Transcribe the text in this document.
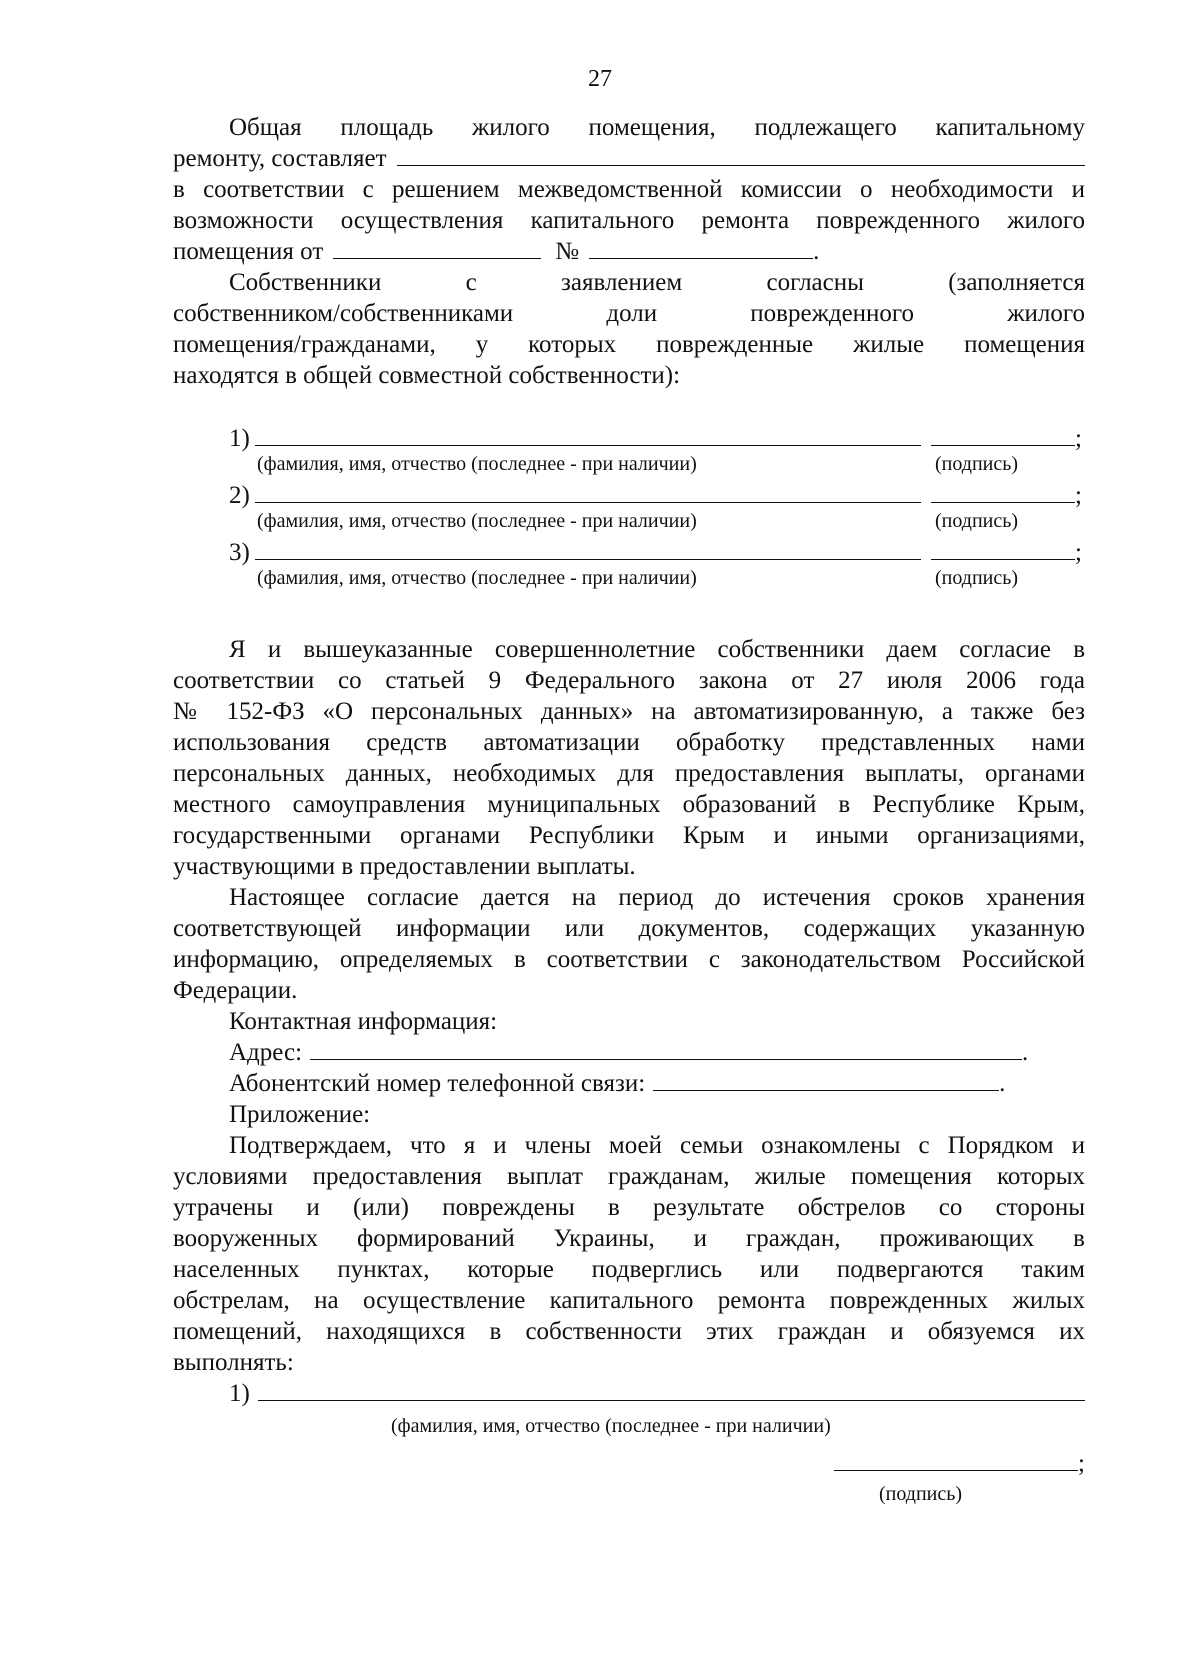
27

Общая площадь жилого помещения, подлежащего капитальному

ремонту, составляет

в соответствии с решением межведомственной комиссии о необходимости и

возможности осуществления капитального ремонта поврежденного жилого

помещения от	№	.

Собственники с заявлением согласны (заполняется

собственником/собственниками доли поврежденного жилого

помещения/гражданами, у которых поврежденные жилые помещения

находятся в общей совместной собственности):

1)	;
(фамилия, имя, отчество (последнее - при наличии)	(подпись)
2)	;
(фамилия, имя, отчество (последнее - при наличии)	(подпись)
3)	;
(фамилия, имя, отчество (последнее - при наличии)	(подпись)

Я и вышеуказанные совершеннолетние собственники даем согласие в

соответствии со статьей 9 Федерального закона от 27 июля 2006 года

№ 152-ФЗ «О персональных данных» на автоматизированную, а также без

использования средств автоматизации обработку представленных нами

персональных данных, необходимых для предоставления выплаты, органами

местного самоуправления муниципальных образований в Республике Крым,

государственными органами Республики Крым и иными организациями,

участвующими в предоставлении выплаты.

Настоящее согласие дается на период до истечения сроков хранения

соответствующей информации или документов, содержащих указанную

информацию, определяемых в соответствии с законодательством Российской

Федерации.

Контактная информация:

Адрес:	.
Абонентский номер телефонной связи:	.

Приложение:

Подтверждаем, что я и члены моей семьи ознакомлены с Порядком и

условиями предоставления выплат гражданам, жилые помещения которых

утрачены и (или) повреждены в результате обстрелов со стороны

вооруженных формирований Украины, и граждан, проживающих в

населенных пунктах, которые подверглись или подвергаются таким

обстрелам, на осуществление капитального ремонта поврежденных жилых

помещений, находящихся в собственности этих граждан и обязуемся их

выполнять:

1)
(фамилия, имя, отчество (последнее - при наличии)
;
(подпись)
